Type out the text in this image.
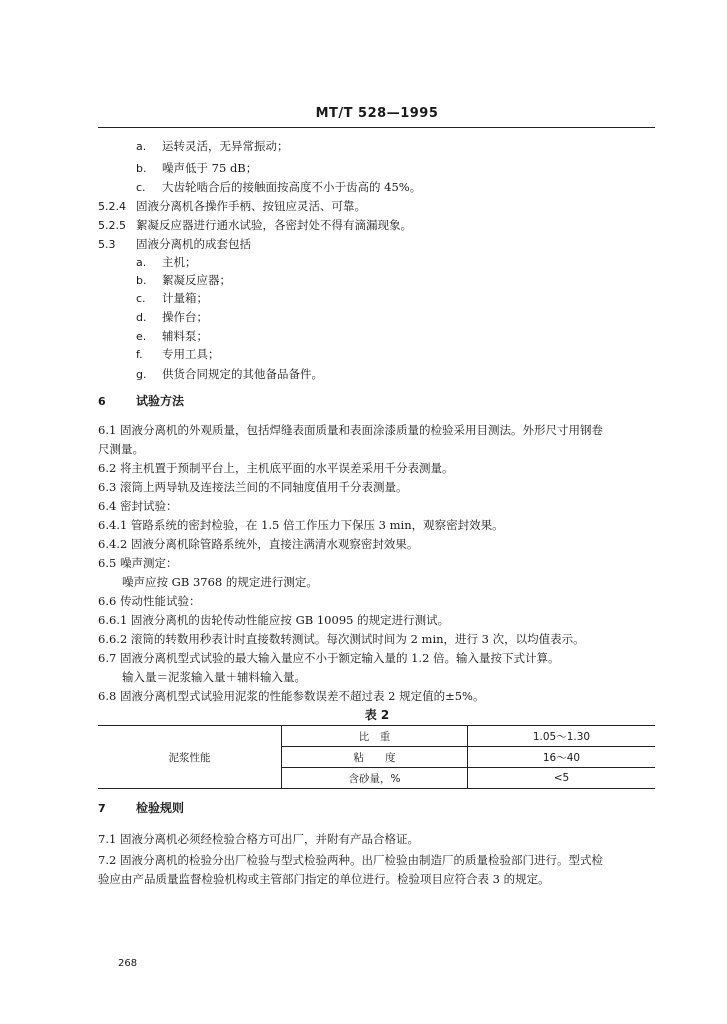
MT/T 528—1995
a. 运转灵活，无异常振动；
b. 噪声低于 75 dB；
c. 大齿轮啮合后的接触面按高度不小于齿高的 45%。
5.2.4 固液分离机各操作手柄、按钮应灵活、可靠。
5.2.5 絮凝反应器进行通水试验，各密封处不得有滴漏现象。
5.3 固液分离机的成套包括
a. 主机；
b. 絮凝反应器；
c. 计量箱；
d. 操作台；
e. 辅料泵；
f. 专用工具；
g. 供货合同规定的其他备品备件。
6	试验方法
6.1 固液分离机的外观质量，包括焊缝表面质量和表面涂漆质量的检验采用目测法。外形尺寸用钢卷
尺测量。
6.2 将主机置于预制平台上，主机底平面的水平误差采用千分表测量。
6.3 滚筒上两导轨及连接法兰间的不同轴度值用千分表测量。
6.4 密封试验：
6.4.1 管路系统的密封检验，在 1.5 倍工作压力下保压 3 min，观察密封效果。
6.4.2 固液分离机除管路系统外，直接注满清水观察密封效果。
6.5 噪声测定：
噪声应按 GB 3768 的规定进行测定。
6.6 传动性能试验：
6.6.1 固液分离机的齿轮传动性能应按 GB 10095 的规定进行测试。
6.6.2 滚筒的转数用秒表计时直接数转测试。每次测试时间为 2 min，进行 3 次，以均值表示。
6.7 固液分离机型式试验的最大输入量应不小于额定输入量的 1.2 倍。输入量按下式计算。
输入量＝泥浆输入量＋辅料输入量。
6.8 固液分离机型式试验用泥浆的性能参数误差不超过表 2 规定值的±5%。
表 2
泥浆性能	比　重	1.05～1.30
	粘　　度	16～40
	含砂量，%	<5
7	检验规则
7.1 固液分离机必须经检验合格方可出厂，并附有产品合格证。
7.2 固液分离机的检验分出厂检验与型式检验两种。出厂检验由制造厂的质量检验部门进行。型式检
验应由产品质量监督检验机构或主管部门指定的单位进行。检验项目应符合表 3 的规定。
268
